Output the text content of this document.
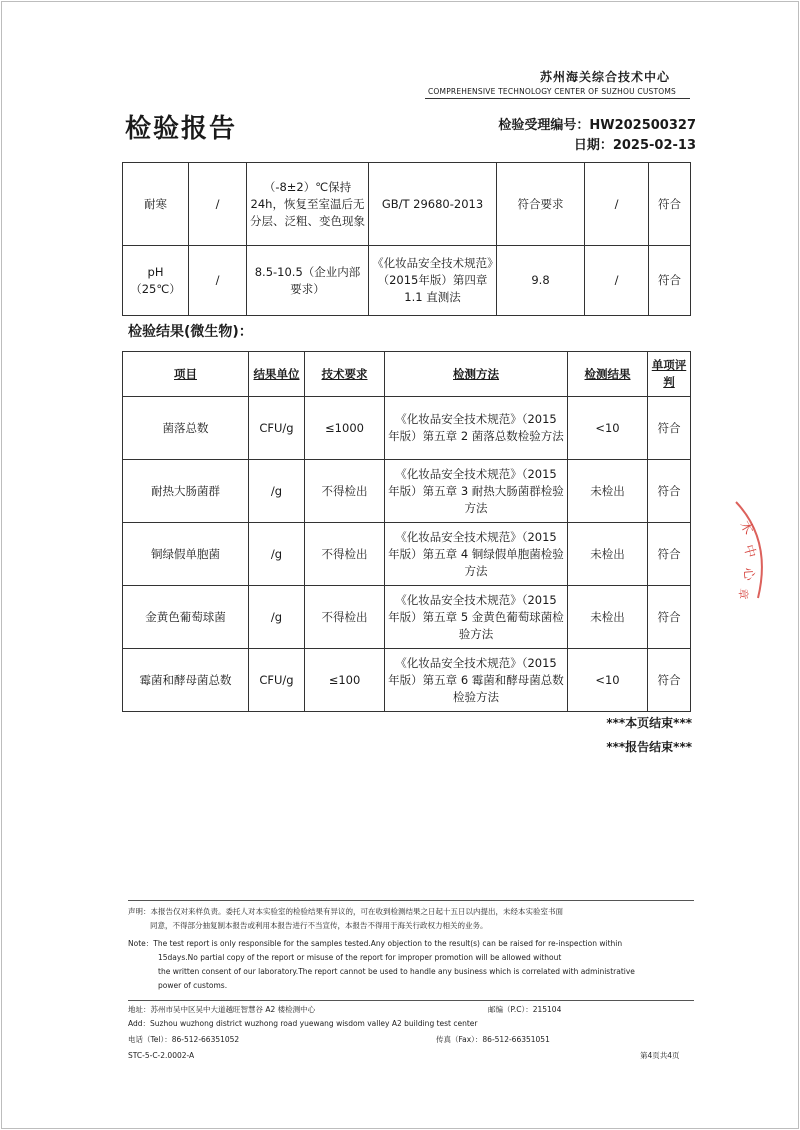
苏州海关综合技术中心
COMPREHENSIVE TECHNOLOGY CENTER OF SUZHOU CUSTOMS
检验报告	检验受理编号：HW202500327
日期：2025-02-13
耐寒	/	（-8±2）℃保持24h，恢复至室温后无分层、泛粗、变色现象	GB/T 29680-2013	符合要求	/	符合
pH（25℃）	/	8.5-10.5（企业内部要求）	《化妆品安全技术规范》（2015年版）第四章 1.1 直测法	9.8	/	符合
检验结果(微生物)：
项目	结果单位	技术要求	检测方法	检测结果	单项评判
菌落总数	CFU/g	≤1000	《化妆品安全技术规范》（2015 年版）第五章 2 菌落总数检验方法	<10	符合
耐热大肠菌群	/g	不得检出	《化妆品安全技术规范》（2015 年版）第五章 3 耐热大肠菌群检验方法	未检出	符合
铜绿假单胞菌	/g	不得检出	《化妆品安全技术规范》（2015 年版）第五章 4 铜绿假单胞菌检验方法	未检出	符合
金黄色葡萄球菌	/g	不得检出	《化妆品安全技术规范》（2015 年版）第五章 5 金黄色葡萄球菌检验方法	未检出	符合
霉菌和酵母菌总数	CFU/g	≤100	《化妆品安全技术规范》（2015 年版）第五章 6 霉菌和酵母菌总数检验方法	<10	符合
***本页结束***
***报告结束***
术
中
心
章
声明：本报告仅对来样负责。委托人对本实验室的检验结果有异议的，可在收到检测结果之日起十五日以内提出，未经本实验室书面
同意，不得部分抽复制本报告或利用本报告进行不当宣传，本报告不得用于海关行政权力相关的业务。
Note：The test report is only responsible for the samples tested.Any objection to the result(s) can be raised for re-inspection within
15days.No partial copy of the report or misuse of the report for improper promotion will be allowed without
the written consent of our laboratory.The report cannot be used to handle any business which is correlated with administrative
power of customs.
地址：苏州市吴中区吴中大道越旺智慧谷 A2 楼检测中心	邮编（P.C）：215104
Add：Suzhou wuzhong district wuzhong road yuewang wisdom valley A2 building test center
电话（Tel）：86-512-66351052	传真（Fax）：86-512-66351051
STC-5-C-2.0002-A	第4页共4页
